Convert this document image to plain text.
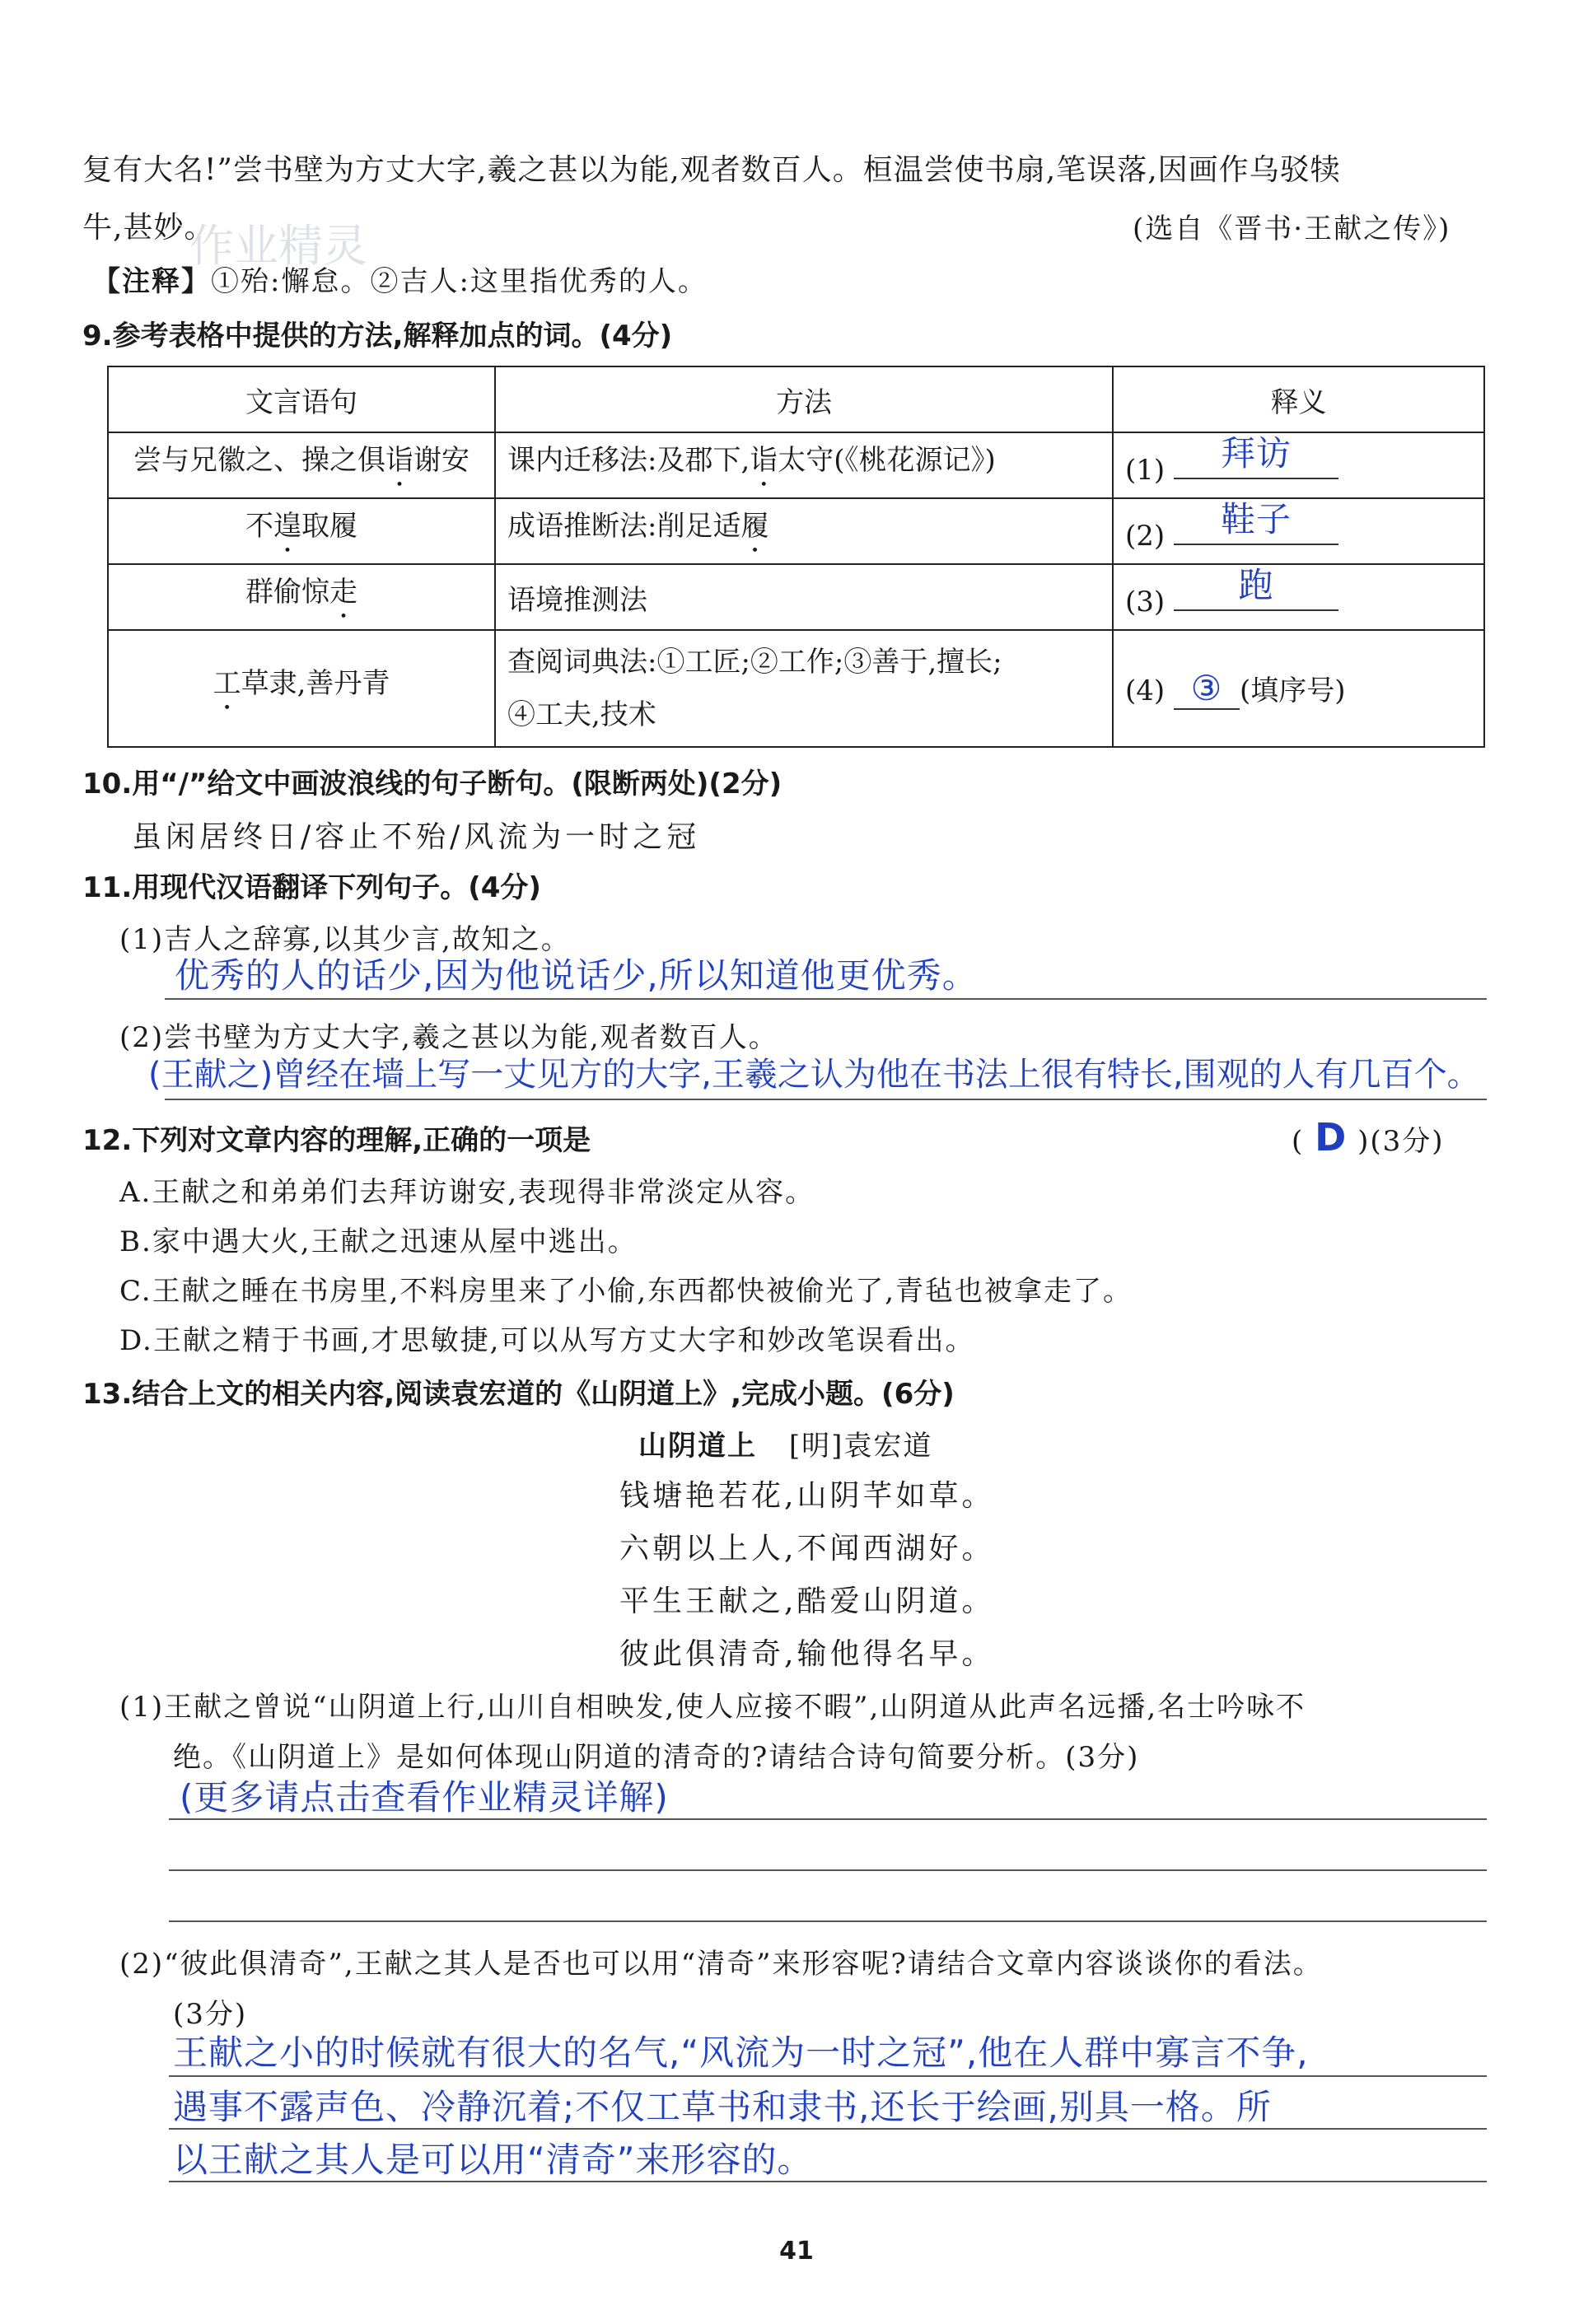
复有大名!”尝书壁为方丈大字,羲之甚以为能,观者数百人。桓温尝使书扇,笔误落,因画作乌驳犊
牛,甚妙。
作业精灵	(选自《晋书·王献之传》)
【注释】①殆:懈怠。②吉人:这里指优秀的人。
9.参考表格中提供的方法,解释加点的词。(4分)
文言语句	方法	释义
尝与兄徽之、操之俱诣谢安	课内迁移法:及郡下,诣太守(《桃花源记》)	(1) 拜访

不遑取履	成语推断法:削足适履	(2) 鞋子

群偷惊走	语境推测法	(3) 跑

工草隶,善丹青	查阅词典法:①工匠;②工作;③善于,擅长;
④工夫,技术	(4) ③ (填序号)
10.用“/”给文中画波浪线的句子断句。(限断两处)(2分)
虽闲居终日/容止不殆/风流为一时之冠
11.用现代汉语翻译下列句子。(4分)
(1)吉人之辞寡,以其少言,故知之。
优秀的人的话少,因为他说话少,所以知道他更优秀。
(2)尝书壁为方丈大字,羲之甚以为能,观者数百人。
(王献之)曾经在墙上写一丈见方的大字,王羲之认为他在书法上很有特长,围观的人有几百个。
12.下列对文章内容的理解,正确的一项是	( D )(3分)
A.王献之和弟弟们去拜访谢安,表现得非常淡定从容。
B.家中遇大火,王献之迅速从屋中逃出。
C.王献之睡在书房里,不料房里来了小偷,东西都快被偷光了,青毡也被拿走了。
D.王献之精于书画,才思敏捷,可以从写方丈大字和妙改笔误看出。
13.结合上文的相关内容,阅读袁宏道的《山阴道上》,完成小题。(6分)
山阴道上 [明]袁宏道
钱塘艳若花,山阴芊如草。
六朝以上人,不闻西湖好。
平生王献之,酷爱山阴道。
彼此俱清奇,输他得名早。
(1)王献之曾说“山阴道上行,山川自相映发,使人应接不暇”,山阴道从此声名远播,名士吟咏不
绝。《山阴道上》是如何体现山阴道的清奇的?请结合诗句简要分析。(3分)
(更多请点击查看作业精灵详解)
(2)“彼此俱清奇”,王献之其人是否也可以用“清奇”来形容呢?请结合文章内容谈谈你的看法。
(3分)
王献之小的时候就有很大的名气,“风流为一时之冠”,他在人群中寡言不争,
遇事不露声色、冷静沉着;不仅工草书和隶书,还长于绘画,别具一格。所
以王献之其人是可以用“清奇”来形容的。
41
